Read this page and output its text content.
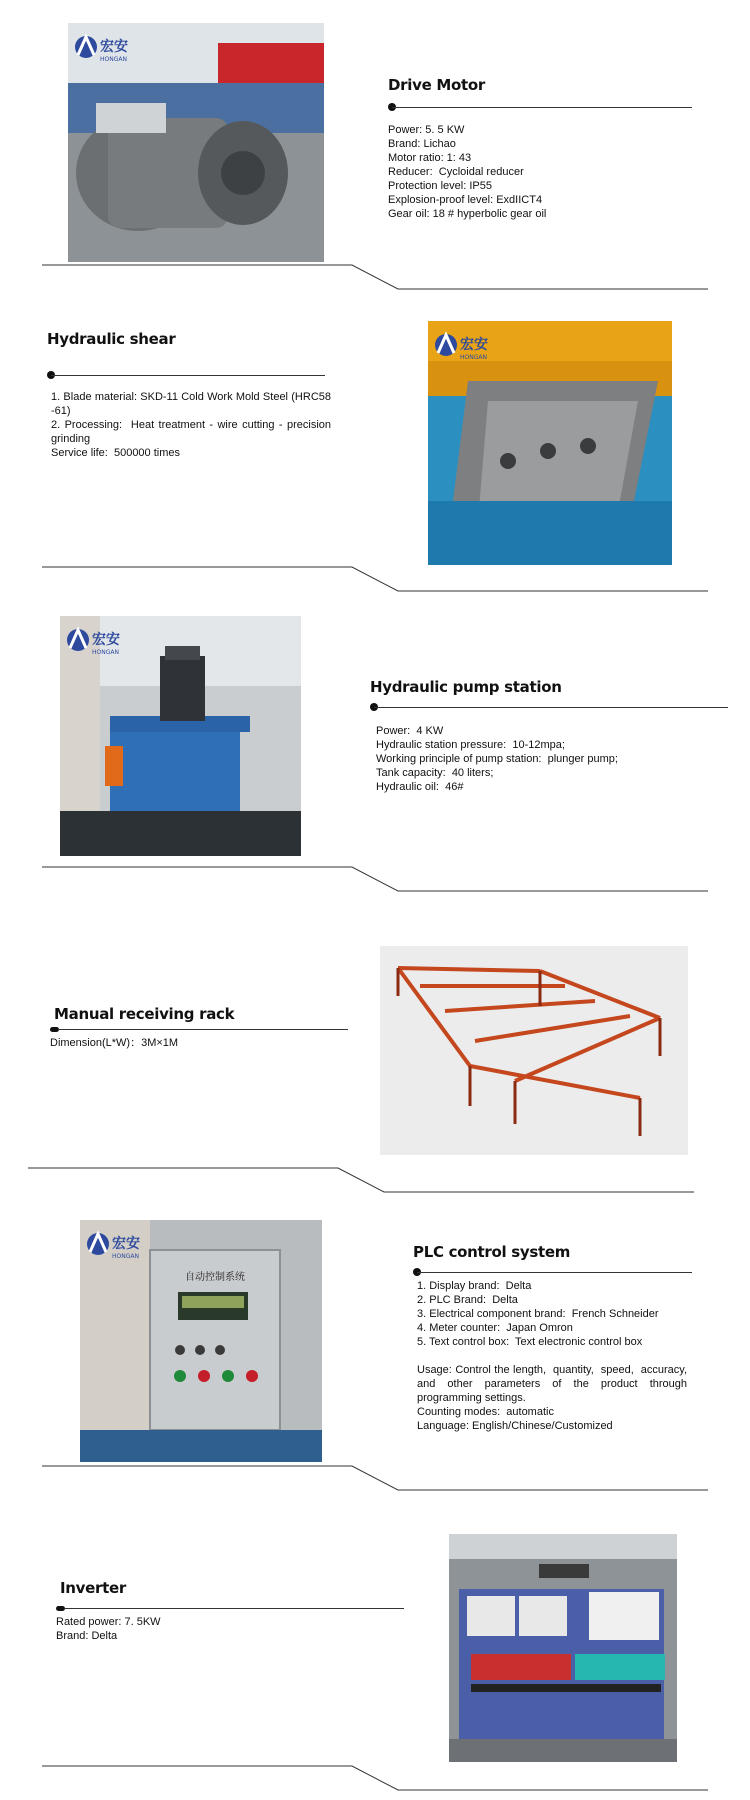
宏安
HONGAN
Drive Motor
Power: 5. 5 KW
Brand: Lichao
Motor ratio: 1: 43
Reducer:  Cycloidal reducer
Protection level: IP55
Explosion-proof level: ExdIICT4
Gear oil: 18 # hyperbolic gear oil
Hydraulic shear
1. Blade material: SKD-11 Cold Work Mold Steel (HRC58 -61)
2. Processing:  Heat treatment - wire cutting - precision grinding
Service life:  500000 times
宏安
HONGAN
宏安
HONGAN
Hydraulic pump station
Power:  4 KW
Hydraulic station pressure:  10-12mpa;
Working principle of pump station:  plunger pump;
Tank capacity:  40 liters;
Hydraulic oil:  46#
Manual receiving rack
Dimension(L*W)：3M×1M
自动控制系统
宏安
HONGAN	PLC control system
1. Display brand:  Delta
2. PLC Brand:  Delta
3. Electrical component brand:  French Schneider
4. Meter counter:  Japan Omron
5. Text control box:  Text electronic control box
Usage: Control the length,  quantity,  speed,  accuracy, and other parameters of the product through programming settings.
Counting modes:  automatic
Language: English/Chinese/Customized
Inverter
Rated power: 7. 5KW
Brand: Delta
